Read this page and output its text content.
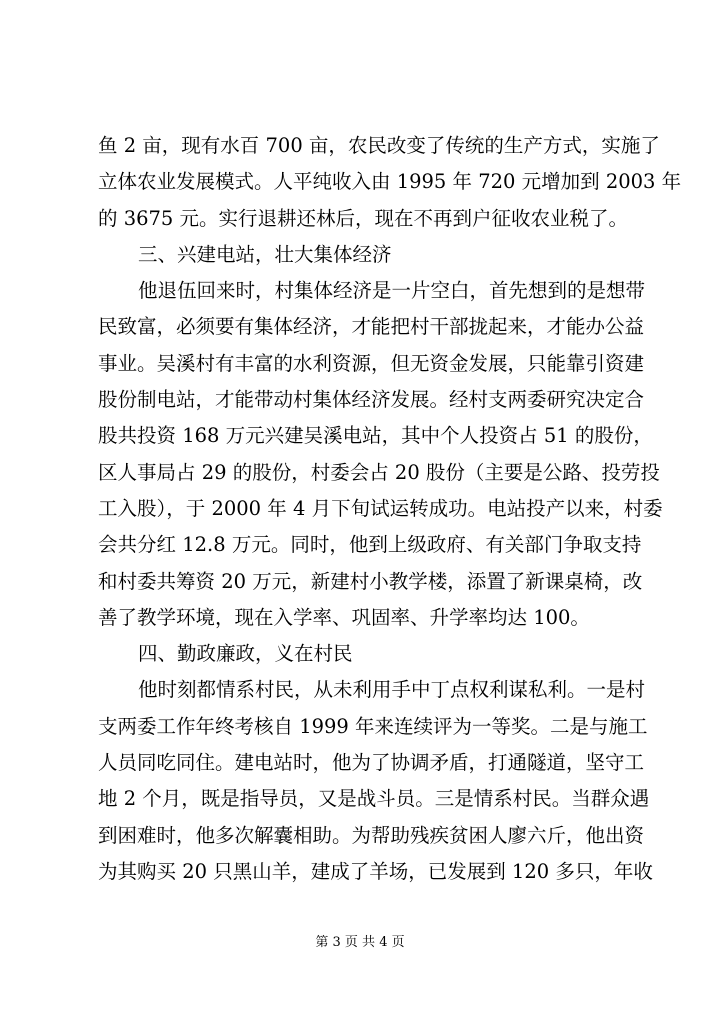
鱼 2 亩，现有水百 700 亩，农民改变了传统的生产方式，实施了
立体农业发展模式。人平纯收入由 1995 年 720 元增加到 2003 年
的 3675 元。实行退耕还林后，现在不再到户征收农业税了。
三、兴建电站，壮大集体经济
他退伍回来时，村集体经济是一片空白，首先想到的是想带
民致富，必须要有集体经济，才能把村干部拢起来，才能办公益
事业。吴溪村有丰富的水利资源，但无资金发展，只能靠引资建
股份制电站，才能带动村集体经济发展。经村支两委研究决定合
股共投资 168 万元兴建吴溪电站，其中个人投资占 51 的股份，
区人事局占 29 的股份，村委会占 20 股份（主要是公路、投劳投
工入股），于 2000 年 4 月下旬试运转成功。电站投产以来，村委
会共分红 12.8 万元。同时，他到上级政府、有关部门争取支持
和村委共筹资 20 万元，新建村小教学楼，添置了新课桌椅，改
善了教学环境，现在入学率、巩固率、升学率均达 100。
四、勤政廉政，义在村民
他时刻都情系村民，从未利用手中丁点权利谋私利。一是村
支两委工作年终考核自 1999 年来连续评为一等奖。二是与施工
人员同吃同住。建电站时，他为了协调矛盾，打通隧道，坚守工
地 2 个月，既是指导员，又是战斗员。三是情系村民。当群众遇
到困难时，他多次解囊相助。为帮助残疾贫困人廖六斤，他出资
为其购买 20 只黑山羊，建成了羊场，已发展到 120 多只，年收
第 3 页 共 4 页
